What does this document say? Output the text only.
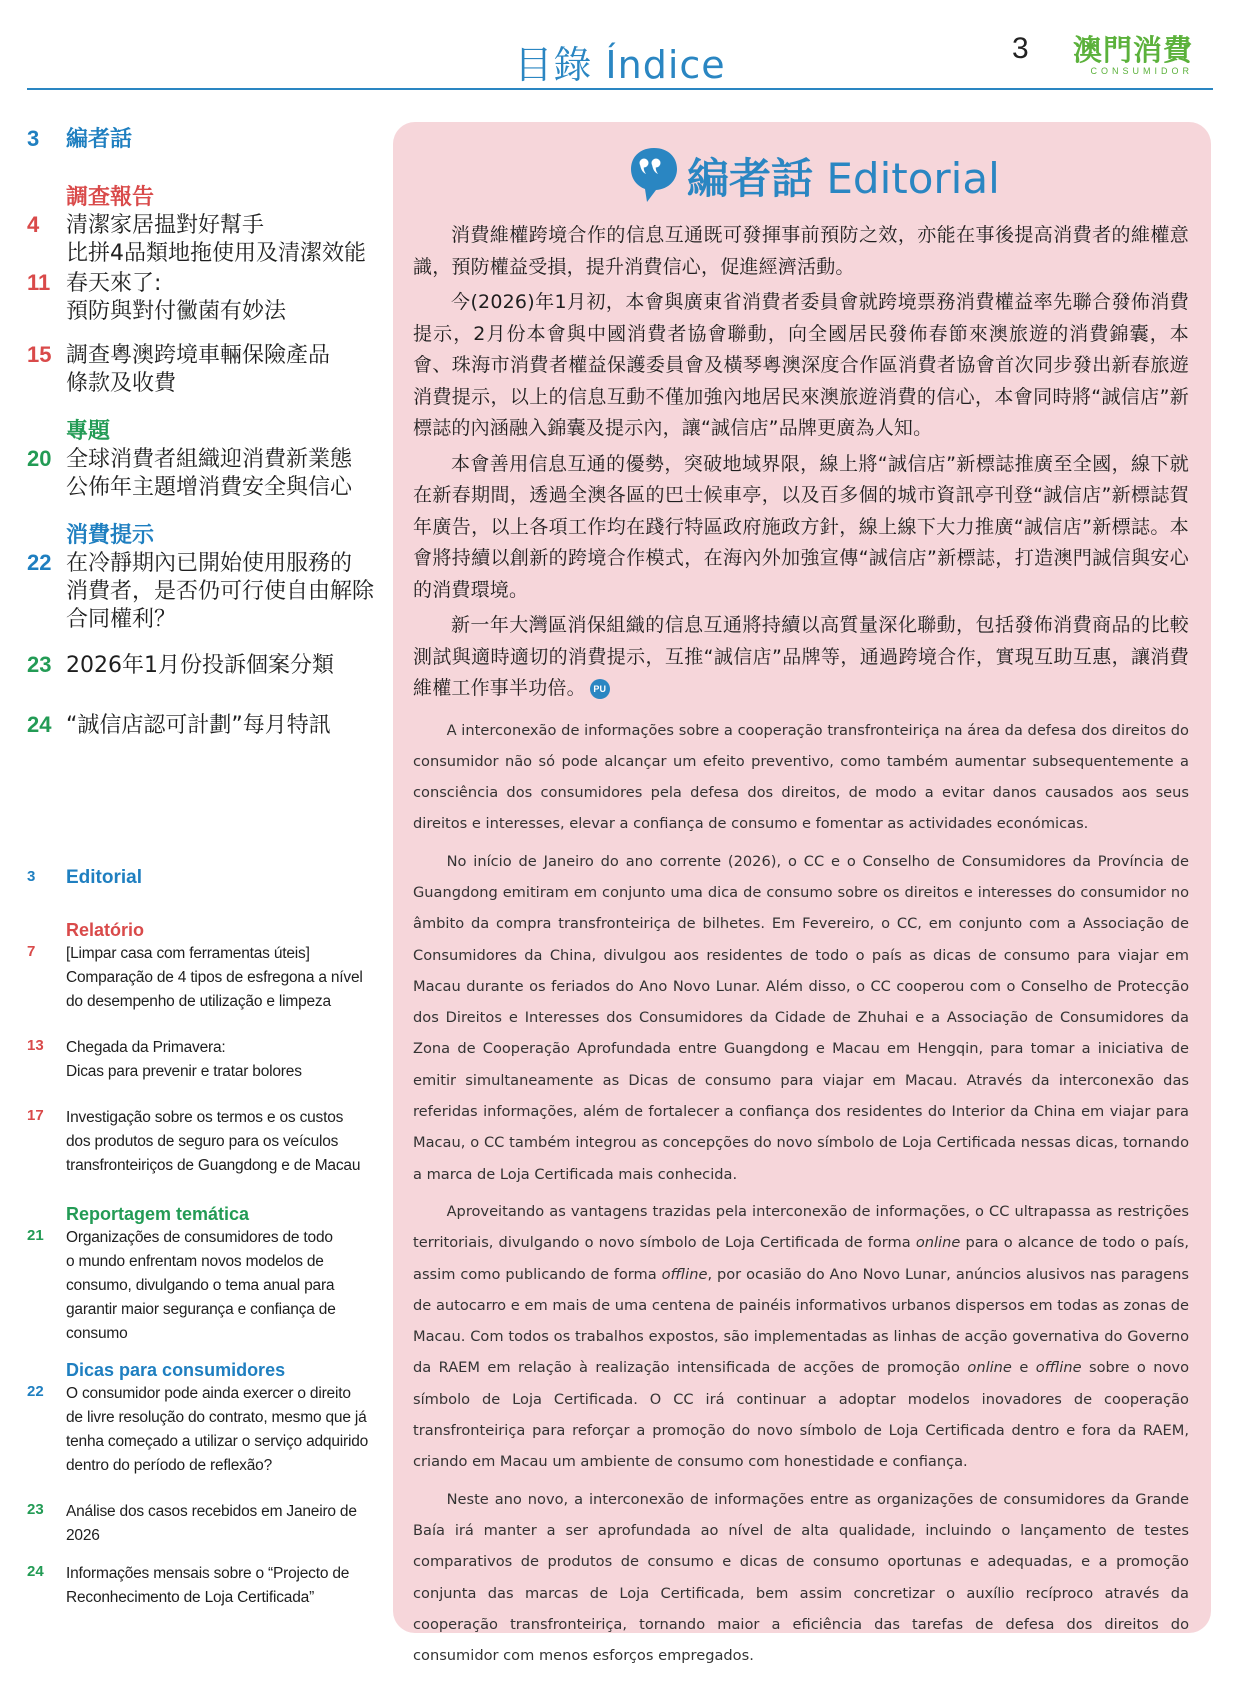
目錄 Índice	3 澳門消費
CONSUMIDOR
3 編者話
調查報告
4 清潔家居揾對好幫手
比拼4品類地拖使用及清潔效能
11 春天來了:
預防與對付黴菌有妙法
15 調查粵澳跨境車輛保險產品
條款及收費
專題
20 全球消費者組織迎消費新業態
公佈年主題增消費安全與信心
消費提示
22 在冷靜期內已開始使用服務的
消費者，是否仍可行使自由解除
合同權利？
23 2026年1月份投訴個案分類
24 “誠信店認可計劃”每月特訊
3 Editorial
Relatório
7 [Limpar casa com ferramentas úteis]
Comparação de 4 tipos de esfregona a nível
do desempenho de utilização e limpeza
13 Chegada da Primavera:
Dicas para prevenir e tratar bolores
17 Investigação sobre os termos e os custos
dos produtos de seguro para os veículos
transfronteiriços de Guangdong e de Macau
Reportagem temática
21 Organizações de consumidores de todo
o mundo enfrentam novos modelos de
consumo, divulgando o tema anual para
garantir maior segurança e confiança de
consumo
Dicas para consumidores
22 O consumidor pode ainda exercer o direito
de livre resolução do contrato, mesmo que já
tenha começado a utilizar o serviço adquirido
dentro do período de reflexão?
23 Análise dos casos recebidos em Janeiro de
2026
24 Informações mensais sobre o “Projecto de
Reconhecimento de Loja Certificada”
編者話 Editorial

消費維權跨境合作的信息互通既可發揮事前預防之效，亦能在事後提高消費者的維權意識，預防權益受損，提升消費信心，促進經濟活動。

今(2026)年1月初，本會與廣東省消費者委員會就跨境票務消費權益率先聯合發佈消費提示，2月份本會與中國消費者協會聯動，向全國居民發佈春節來澳旅遊的消費錦囊，本會、珠海市消費者權益保護委員會及橫琴粵澳深度合作區消費者協會首次同步發出新春旅遊消費提示，以上的信息互動不僅加強內地居民來澳旅遊消費的信心，本會同時將“誠信店”新標誌的內涵融入錦囊及提示內，讓“誠信店”品牌更廣為人知。

本會善用信息互通的優勢，突破地域界限，線上將“誠信店”新標誌推廣至全國，線下就在新春期間，透過全澳各區的巴士候車亭，以及百多個的城市資訊亭刊登“誠信店”新標誌賀年廣告，以上各項工作均在踐行特區政府施政方針，線上線下大力推廣“誠信店”新標誌。本會將持續以創新的跨境合作模式，在海內外加強宣傳“誠信店”新標誌，打造澳門誠信與安心的消費環境。

新一年大灣區消保組織的信息互通將持續以高質量深化聯動，包括發佈消費商品的比較測試與適時適切的消費提示，互推“誠信店”品牌等，通過跨境合作，實現互助互惠，讓消費維權工作事半功倍。 PU

A interconexão de informações sobre a cooperação transfronteiriça na área da defesa dos direitos do consumidor não só pode alcançar um efeito preventivo, como também aumentar subsequentemente a consciência dos consumidores pela defesa dos direitos, de modo a evitar danos causados aos seus direitos e interesses, elevar a confiança de consumo e fomentar as actividades económicas.

No início de Janeiro do ano corrente (2026), o CC e o Conselho de Consumidores da Província de Guangdong emitiram em conjunto uma dica de consumo sobre os direitos e interesses do consumidor no âmbito da compra transfronteiriça de bilhetes. Em Fevereiro, o CC, em conjunto com a Associação de Consumidores da China, divulgou aos residentes de todo o país as dicas de consumo para viajar em Macau durante os feriados do Ano Novo Lunar. Além disso, o CC cooperou com o Conselho de Protecção dos Direitos e Interesses dos Consumidores da Cidade de Zhuhai e a Associação de Consumidores da Zona de Cooperação Aprofundada entre Guangdong e Macau em Hengqin, para tomar a iniciativa de emitir simultaneamente as Dicas de consumo para viajar em Macau. Através da interconexão das referidas informações, além de fortalecer a confiança dos residentes do Interior da China em viajar para Macau, o CC também integrou as concepções do novo símbolo de Loja Certificada nessas dicas, tornando a marca de Loja Certificada mais conhecida.

Aproveitando as vantagens trazidas pela interconexão de informações, o CC ultrapassa as restrições territoriais, divulgando o novo símbolo de Loja Certificada de forma online para o alcance de todo o país, assim como publicando de forma offline, por ocasião do Ano Novo Lunar, anúncios alusivos nas paragens de autocarro e em mais de uma centena de painéis informativos urbanos dispersos em todas as zonas de Macau. Com todos os trabalhos expostos, são implementadas as linhas de acção governativa do Governo da RAEM em relação à realização intensificada de acções de promoção online e offline sobre o novo símbolo de Loja Certificada. O CC irá continuar a adoptar modelos inovadores de cooperação transfronteiriça para reforçar a promoção do novo símbolo de Loja Certificada dentro e fora da RAEM, criando em Macau um ambiente de consumo com honestidade e confiança.

Neste ano novo, a interconexão de informações entre as organizações de consumidores da Grande Baía irá manter a ser aprofundada ao nível de alta qualidade, incluindo o lançamento de testes comparativos de produtos de consumo e dicas de consumo oportunas e adequadas, e a promoção conjunta das marcas de Loja Certificada, bem assim concretizar o auxílio recíproco através da cooperação transfronteiriça, tornando maior a eficiência das tarefas de defesa dos direitos do consumidor com menos esforços empregados.
